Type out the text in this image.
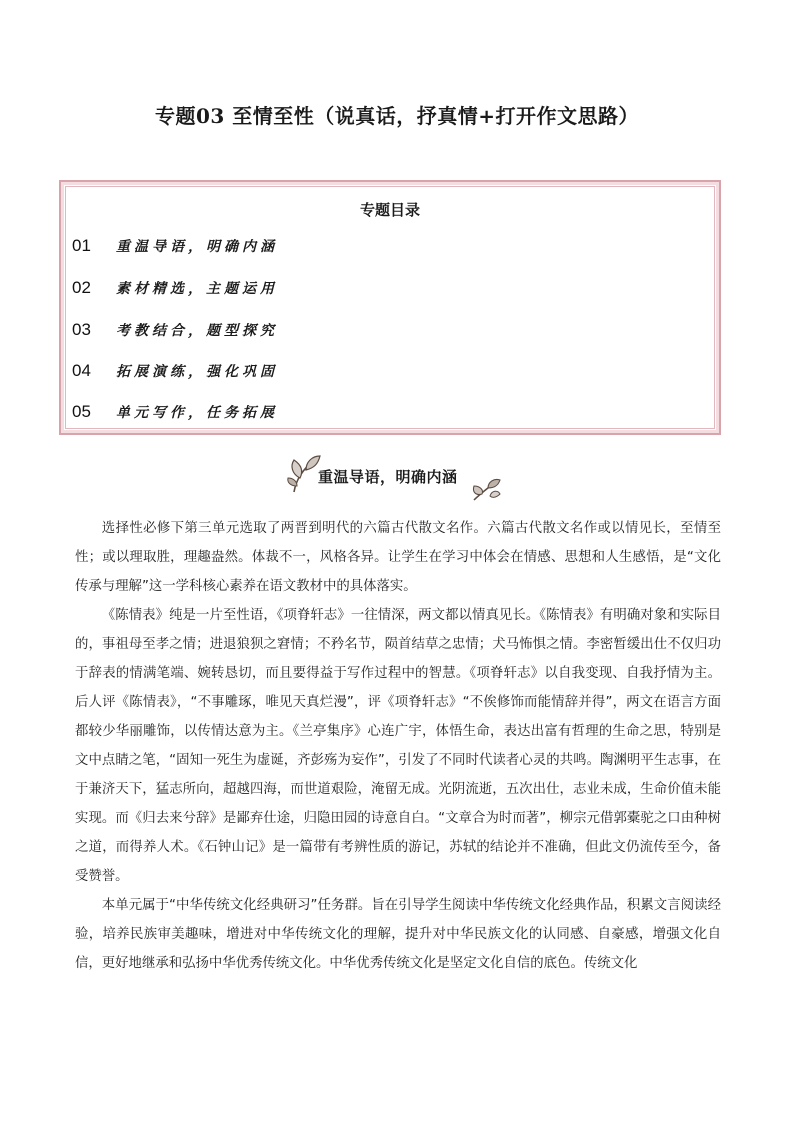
专题03 至情至性（说真话，抒真情+打开作文思路）
专题目录
01	重温导语，明确内涵
02	素材精选，主题运用
03	考教结合，题型探究
04	拓展演练，强化巩固
05	单元写作，任务拓展
重温导语，明确内涵

选择性必修下第三单元选取了两晋到明代的六篇古代散文名作。六篇古代散文名作或以情见长，至情至性；或以理取胜，理趣盎然。体裁不一，风格各异。让学生在学习中体会在情感、思想和人生感悟，是“文化传承与理解”这一学科核心素养在语文教材中的具体落实。

《陈情表》纯是一片至性语，《项脊轩志》一往情深，两文都以情真见长。《陈情表》有明确对象和实际目的，事祖母至孝之情；进退狼狈之窘情；不矜名节，陨首结草之忠情；犬马怖惧之情。李密暂缓出仕不仅归功于辞表的情满笔端、婉转恳切，而且要得益于写作过程中的智慧。《项脊轩志》以自我变现、自我抒情为主。后人评《陈情表》，“不事雕琢，唯见天真烂漫”，评《项脊轩志》“不俟修饰而能情辞并得”，两文在语言方面都较少华丽雕饰，以传情达意为主。《兰亭集序》心连广宇，体悟生命，表达出富有哲理的生命之思，特别是文中点睛之笔，“固知一死生为虚诞，齐彭殇为妄作”，引发了不同时代读者心灵的共鸣。陶渊明平生志事，在于兼济天下，猛志所向，超越四海，而世道艰险，淹留无成。光阴流逝，五次出仕，志业未成，生命价值未能实现。而《归去来兮辞》是鄙弃仕途，归隐田园的诗意自白。“文章合为时而著”，柳宗元借郭橐驼之口由种树之道，而得养人术。《石钟山记》是一篇带有考辨性质的游记，苏轼的结论并不准确，但此文仍流传至今，备受赞誉。

本单元属于“中华传统文化经典研习”任务群。旨在引导学生阅读中华传统文化经典作品，积累文言阅读经验，培养民族审美趣味，增进对中华传统文化的理解，提升对中华民族文化的认同感、自豪感，增强文化自信，更好地继承和弘扬中华优秀传统文化。中华优秀传统文化是坚定文化自信的底色。传统文化
